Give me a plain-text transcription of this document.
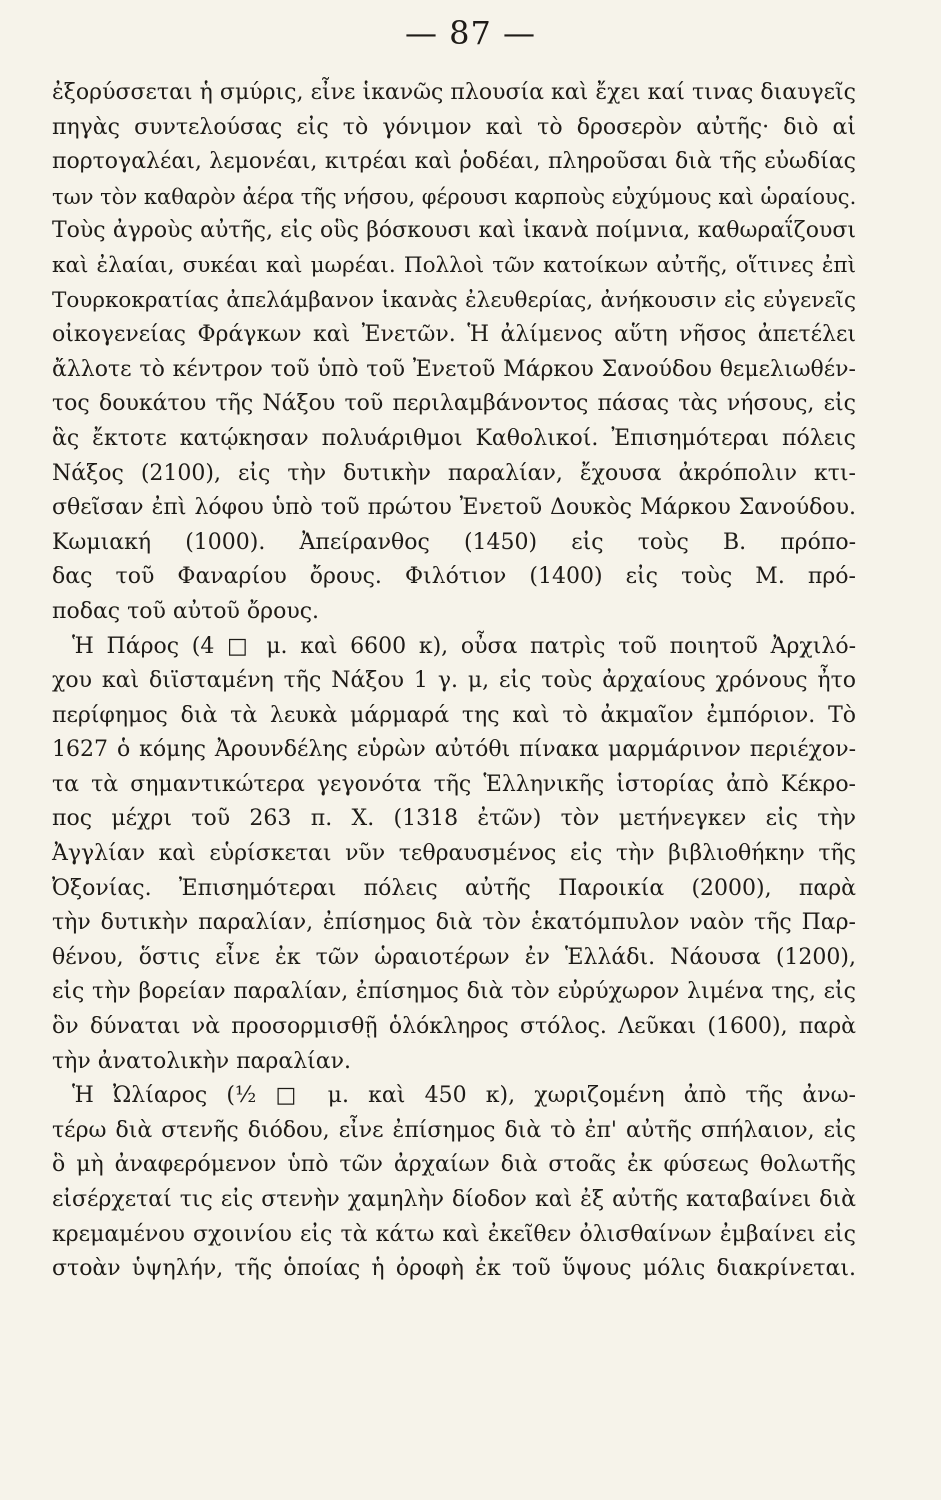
— 87 —
ἐξορύσσεται ἡ σμύρις, εἶνε ἱκανῶς πλουσία καὶ ἔχει καί τινας διαυγεῖς
πηγὰς συντελούσας εἰς τὸ γόνιμον καὶ τὸ δροσερὸν αὐτῆς· διὸ αἱ
πορτογαλέαι, λεμονέαι, κιτρέαι καὶ ῥοδέαι, πληροῦσαι διὰ τῆς εὐωδίας
των τὸν καθαρὸν ἀέρα τῆς νήσου, φέρουσι καρποὺς εὐχύμους καὶ ὡραίους.
Τοὺς ἀγροὺς αὐτῆς, εἰς οὓς βόσκουσι καὶ ἱκανὰ ποίμνια, καθωραΐζουσι
καὶ ἐλαίαι, συκέαι καὶ μωρέαι. Πολλοὶ τῶν κατοίκων αὐτῆς, οἵτινες ἐπὶ
Τουρκοκρατίας ἀπελάμβανον ἱκανὰς ἐλευθερίας, ἀνήκουσιν εἰς εὐγενεῖς
οἰκογενείας Φράγκων καὶ Ἐνετῶν. Ἡ ἀλίμενος αὕτη νῆσος ἀπετέλει
ἄλλοτε τὸ κέντρον τοῦ ὑπὸ τοῦ Ἐνετοῦ Μάρκου Σανούδου θεμελιωθέν-
τος δουκάτου τῆς Νάξου τοῦ περιλαμβάνοντος πάσας τὰς νήσους, εἰς
ἃς ἔκτοτε κατῴκησαν πολυάριθμοι Καθολικοί. Ἐπισημότεραι πόλεις
Νάξος (2100), εἰς τὴν δυτικὴν παραλίαν, ἔχουσα ἀκρόπολιν κτι-
σθεῖσαν ἐπὶ λόφου ὑπὸ τοῦ πρώτου Ἐνετοῦ Δουκὸς Μάρκου Σανούδου.
Κωμιακή (1000). Ἀπείρανθος (1450) εἰς τοὺς Β. πρόπο-
δας τοῦ Φαναρίου ὄρους. Φιλότιον (1400) εἰς τοὺς Μ. πρό-
ποδας τοῦ αὐτοῦ ὄρους.
Ἡ Πάρος (4 □ μ. καὶ 6600 κ), οὖσα πατρὶς τοῦ ποιητοῦ Ἀρχιλό-
χου καὶ διϊσταμένη τῆς Νάξου 1 γ. μ, εἰς τοὺς ἀρχαίους χρόνους ἦτο
περίφημος διὰ τὰ λευκὰ μάρμαρά της καὶ τὸ ἀκμαῖον ἐμπόριον. Τὸ
1627 ὁ κόμης Ἀρουνδέλης εὑρὼν αὐτόθι πίνακα μαρμάρινον περιέχον-
τα τὰ σημαντικώτερα γεγονότα τῆς Ἑλληνικῆς ἱστορίας ἀπὸ Κέκρο-
πος μέχρι τοῦ 263 π. Χ. (1318 ἐτῶν) τὸν μετήνεγκεν εἰς τὴν
Ἀγγλίαν καὶ εὑρίσκεται νῦν τεθραυσμένος εἰς τὴν βιβλιοθήκην τῆς
Ὀξονίας. Ἐπισημότεραι πόλεις αὐτῆς Παροικία (2000), παρὰ
τὴν δυτικὴν παραλίαν, ἐπίσημος διὰ τὸν ἑκατόμπυλον ναὸν τῆς Παρ-
θένου, ὅστις εἶνε ἐκ τῶν ὡραιοτέρων ἐν Ἑλλάδι. Νάουσα (1200),
εἰς τὴν βορείαν παραλίαν, ἐπίσημος διὰ τὸν εὐρύχωρον λιμένα της, εἰς
ὃν δύναται νὰ προσορμισθῇ ὁλόκληρος στόλος. Λεῦκαι (1600), παρὰ
τὴν ἀνατολικὴν παραλίαν.
Ἡ Ὠλίαρος (½ □ μ. καὶ 450 κ), χωριζομένη ἀπὸ τῆς ἀνω-
τέρω διὰ στενῆς διόδου, εἶνε ἐπίσημος διὰ τὸ ἐπ' αὐτῆς σπήλαιον, εἰς
ὃ μὴ ἀναφερόμενον ὑπὸ τῶν ἀρχαίων διὰ στοᾶς ἐκ φύσεως θολωτῆς
εἰσέρχεταί τις εἰς στενὴν χαμηλὴν δίοδον καὶ ἐξ αὐτῆς καταβαίνει διὰ
κρεμαμένου σχοινίου εἰς τὰ κάτω καὶ ἐκεῖθεν ὀλισθαίνων ἐμβαίνει εἰς
στοὰν ὑψηλήν, τῆς ὁποίας ἡ ὀροφὴ ἐκ τοῦ ὕψους μόλις διακρίνεται.
